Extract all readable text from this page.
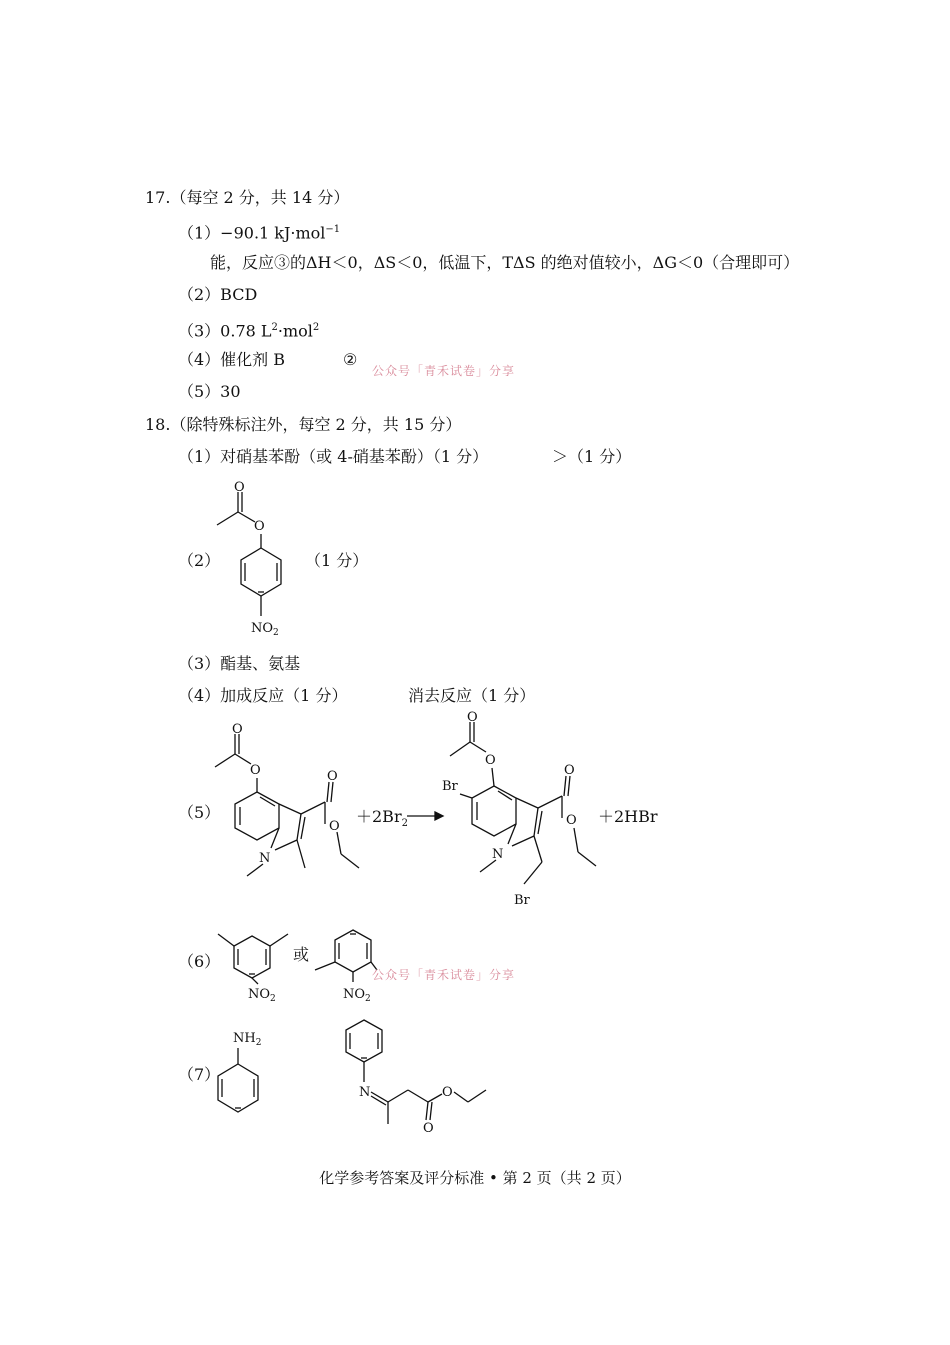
17.（每空 2 分，共 14 分）
（1）−90.1 kJ·mol$^{-1}$
能，反应③的ΔH＜0，ΔS＜0，低温下，TΔS 的绝对值较小，ΔG＜0（合理即可）
（2）BCD
（3）0.78 $L^2\cdot mol^2$
（4）催化剂 B	②
公众号「青禾试卷」分享
（5）30
18.（除特殊标注外，每空 2 分，共 15 分）
（1）对硝基苯酚（或 4-硝基苯酚）（1 分）	＞（1 分）
（2）
O
O
$NO_2$
（1 分）
（3）酯基、氨基
（4）加成反应（1 分）	消去反应（1 分）
（5）
O
O
N
O
O
$+2Br_2$
O
O
Br
N
Br
O
O ＋2HBr
（6）
$NO_2$
或
$NO_2$
公众号「青禾试卷」分享
（7）
$NH_2$
N
O
O
化学参考答案及评分标准 • 第 2 页（共 2 页）
